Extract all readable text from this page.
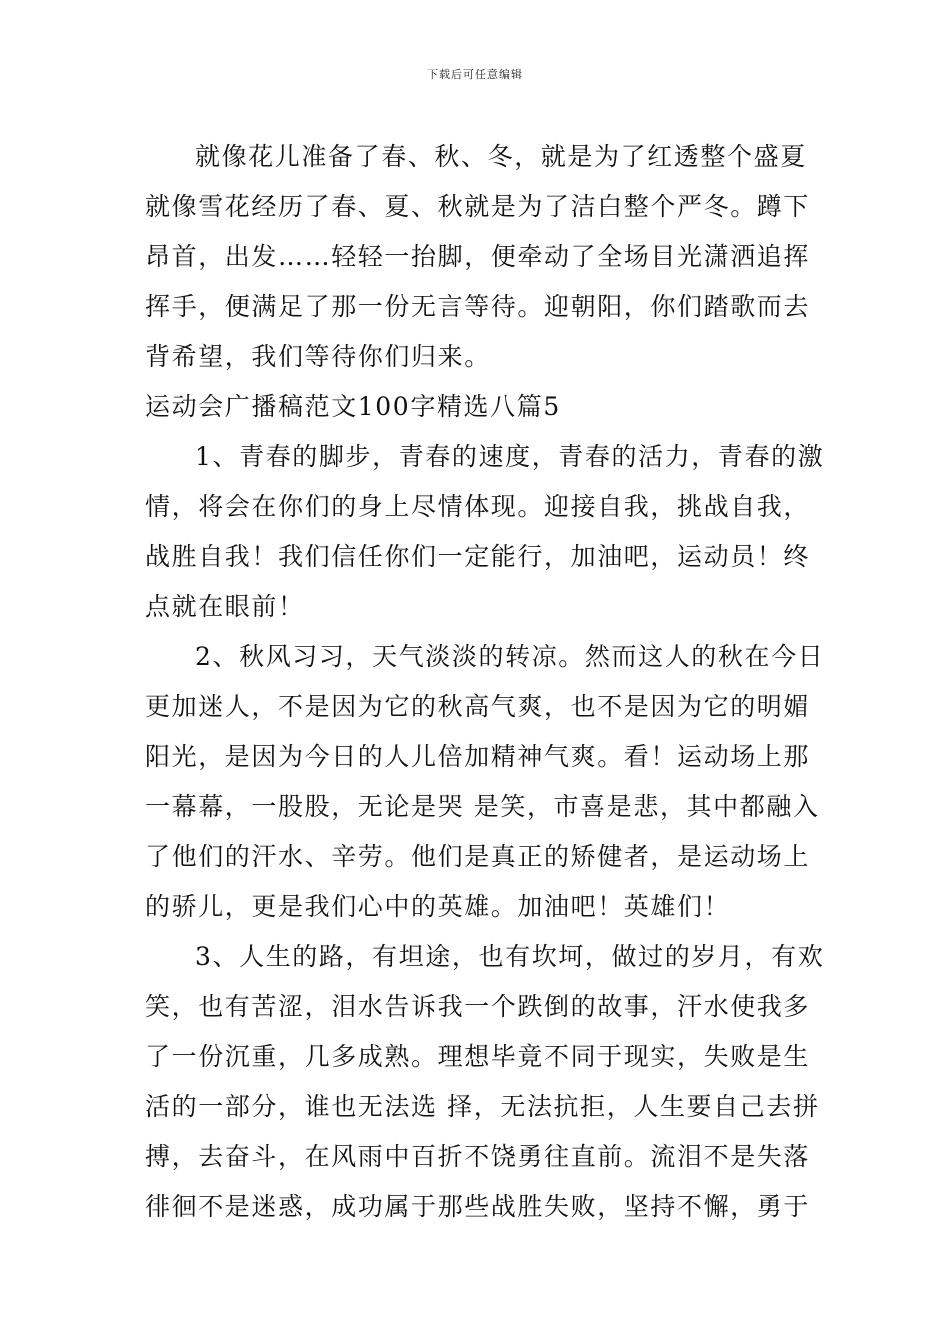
下载后可任意编辑
就像花儿准备了春、秋、冬，就是为了红透整个盛夏
就像雪花经历了春、夏、秋就是为了洁白整个严冬。蹲下
昂首，出发……轻轻一抬脚，便牵动了全场目光潇洒追挥
挥手，便满足了那一份无言等待。迎朝阳，你们踏歌而去
背希望，我们等待你们归来。
运动会广播稿范文100字精选八篇5
1、青春的脚步，青春的速度，青春的活力，青春的激
情，将会在你们的身上尽情体现。迎接自我，挑战自我，
战胜自我！我们信任你们一定能行，加油吧，运动员！终
点就在眼前！
2、秋风习习，天气淡淡的转凉。然而这人的秋在今日
更加迷人，不是因为它的秋高气爽，也不是因为它的明媚
阳光，是因为今日的人儿倍加精神气爽。看！运动场上那
一幕幕，一股股，无论是哭 是笑，市喜是悲，其中都融入
了他们的汗水、辛劳。他们是真正的矫健者，是运动场上
的骄儿，更是我们心中的英雄。加油吧！英雄们！
3、人生的路，有坦途，也有坎坷，做过的岁月，有欢
笑，也有苦涩，泪水告诉我一个跌倒的故事，汗水使我多
了一份沉重，几多成熟。理想毕竟不同于现实，失败是生
活的一部分，谁也无法选 择，无法抗拒，人生要自己去拼
搏，去奋斗，在风雨中百折不饶勇往直前。流泪不是失落
徘徊不是迷惑，成功属于那些战胜失败，坚持不懈，勇于
